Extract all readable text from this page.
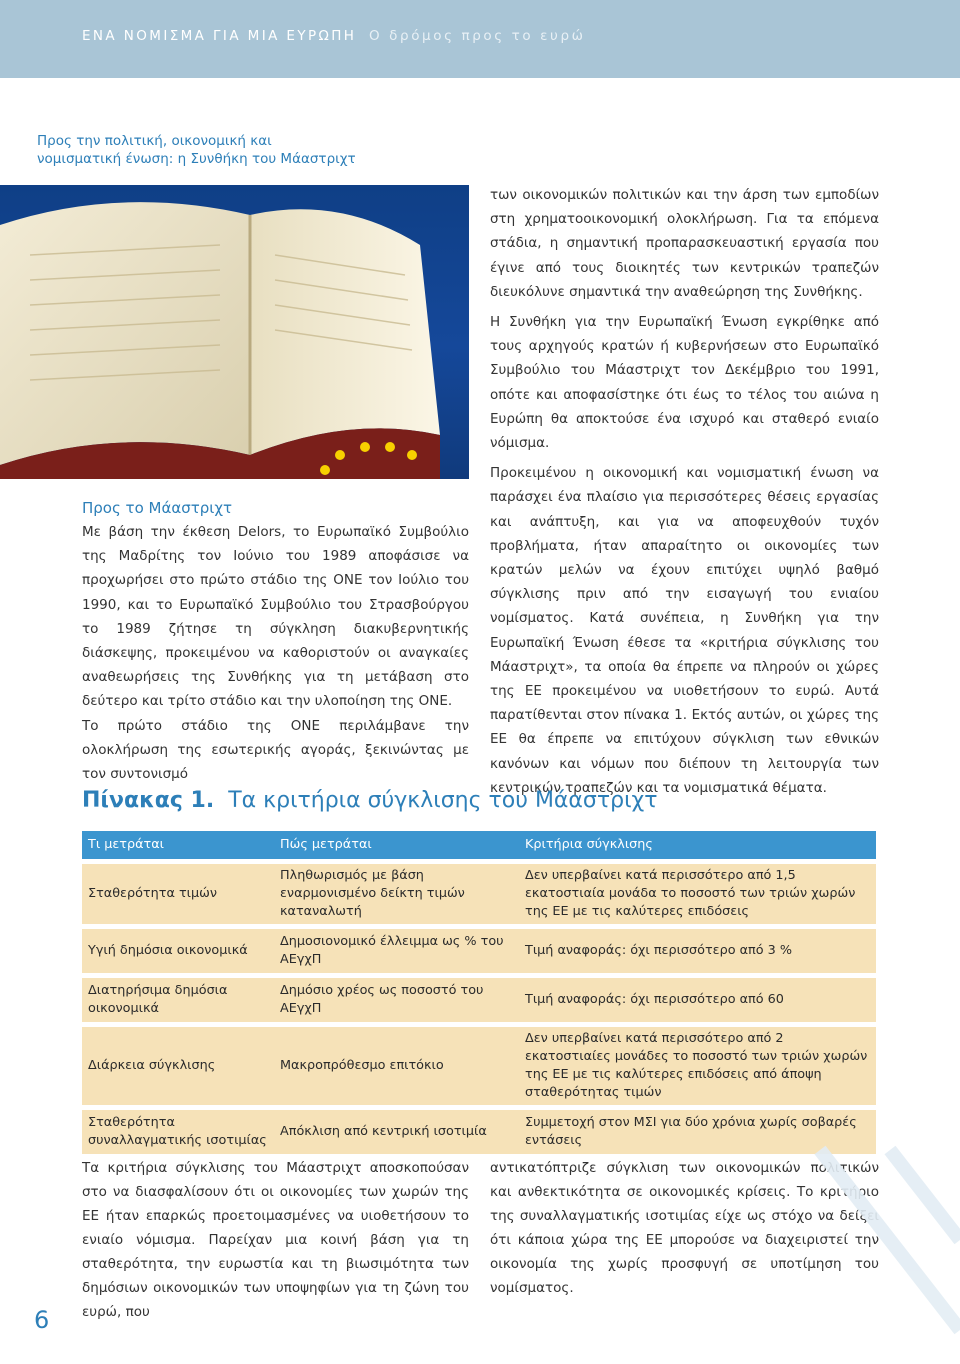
ΕΝΑ ΝΟΜΙΣΜΑ ΓΙΑ ΜΙΑ ΕΥΡΩΠΗ Ο δρόμος προς το ευρώ
Προς την πολιτική, οικονομική και νομισματική ένωση: η Συνθήκη του Μάαστριχτ
© Ευρωπαϊκή Ένωση
Προς το Μάαστριχτ

Με βάση την έκθεση Delors, το Ευρωπαϊκό Συμβούλιο της Μαδρίτης τον Ιούνιο του 1989 αποφάσισε να προχωρήσει στο πρώτο στάδιο της ΟΝΕ τον Ιούλιο του 1990, και το Ευρωπαϊκό Συμβούλιο του Στρασβούργου το 1989 ζήτησε τη σύγκληση διακυβερνητικής διάσκεψης, προκειμένου να καθοριστούν οι αναγκαίες αναθεωρήσεις της Συνθήκης για τη μετάβαση στο δεύτερο και τρίτο στάδιο και την υλοποίηση της ΟΝΕ.

Το πρώτο στάδιο της ΟΝΕ περιλάμβανε την ολοκλήρωση της εσωτερικής αγοράς, ξεκινώντας με τον συντονισμό

των οικονομικών πολιτικών και την άρση των εμποδίων στη χρηματοοικονομική ολοκλήρωση. Για τα επόμενα στάδια, η σημαντική προπαρασκευαστική εργασία που έγινε από τους διοικητές των κεντρικών τραπεζών διευκόλυνε σημαντικά την αναθεώρηση της Συνθήκης.

Η Συνθήκη για την Ευρωπαϊκή Ένωση εγκρίθηκε από τους αρχηγούς κρατών ή κυβερνήσεων στο Ευρωπαϊκό Συμβούλιο του Μάαστριχτ τον Δεκέμβριο του 1991, οπότε και αποφασίστηκε ότι έως το τέλος του αιώνα η Ευρώπη θα αποκτούσε ένα ισχυρό και σταθερό ενιαίο νόμισμα.

Προκειμένου η οικονομική και νομισματική ένωση να παράσχει ένα πλαίσιο για περισσότερες θέσεις εργασίας και ανάπτυξη, και για να αποφευχθούν τυχόν προβλήματα, ήταν απαραίτητο οι οικονομίες των κρατών μελών να έχουν επιτύχει υψηλό βαθμό σύγκλισης πριν από την εισαγωγή του ενιαίου νομίσματος. Κατά συνέπεια, η Συνθήκη για την Ευρωπαϊκή Ένωση έθεσε τα «κριτήρια σύγκλισης του Μάαστριχτ», τα οποία θα έπρεπε να πληρούν οι χώρες της ΕΕ προκειμένου να υιοθετήσουν το ευρώ. Αυτά παρατίθενται στον πίνακα 1. Εκτός αυτών, οι χώρες της ΕΕ θα έπρεπε να επιτύχουν σύγκλιση των εθνικών κανόνων και νόμων που διέπουν τη λειτουργία των κεντρικών τραπεζών και τα νομισματικά θέματα.

Πίνακας 1. Τα κριτήρια σύγκλισης του Μάαστριχτ
Τι μετράται	Πώς μετράται	Κριτήρια σύγκλισης

Σταθερότητα τιμών	Πληθωρισμός με βάση εναρμονισμένο δείκτη τιμών καταναλωτή	Δεν υπερβαίνει κατά περισσότερο από 1,5 εκατοστιαία μονάδα το ποσοστό των τριών χωρών της ΕΕ με τις καλύτερες επιδόσεις

Υγιή δημόσια οικονομικά	Δημοσιονομικό έλλειμμα ως % του ΑΕγχΠ	Τιμή αναφοράς: όχι περισσότερο από 3 %

Διατηρήσιμα δημόσια οικονομικά	Δημόσιο χρέος ως ποσοστό του ΑΕγχΠ	Τιμή αναφοράς: όχι περισσότερο από 60

Διάρκεια σύγκλισης	Μακροπρόθεσμο επιτόκιο	Δεν υπερβαίνει κατά περισσότερο από 2 εκατοστιαίες μονάδες το ποσοστό των τριών χωρών της ΕΕ με τις καλύτερες επιδόσεις από άποψη σταθερότητας τιμών

Σταθερότητα συναλλαγματικής ισοτιμίας	Απόκλιση από κεντρική ισοτιμία	Συμμετοχή στον ΜΣΙ για δύο χρόνια χωρίς σοβαρές εντάσεις
Τα κριτήρια σύγκλισης του Μάαστριχτ αποσκοπούσαν στο να διασφαλίσουν ότι οι οικονομίες των χωρών της ΕΕ ήταν επαρκώς προετοιμασμένες να υιοθετήσουν το ενιαίο νόμισμα. Παρείχαν μια κοινή βάση για τη σταθερότητα, την ευρωστία και τη βιωσιμότητα των δημόσιων οικονομικών των υποψηφίων για τη ζώνη του ευρώ, που
αντικατόπτριζε σύγκλιση των οικονομικών πολιτικών και ανθεκτικότητα σε οικονομικές κρίσεις. Το κριτήριο της συναλλαγματικής ισοτιμίας είχε ως στόχο να δείξει ότι κάποια χώρα της ΕΕ μπορούσε να διαχειριστεί την οικονομία της χωρίς προσφυγή σε υποτίμηση του νομίσματος.
6
